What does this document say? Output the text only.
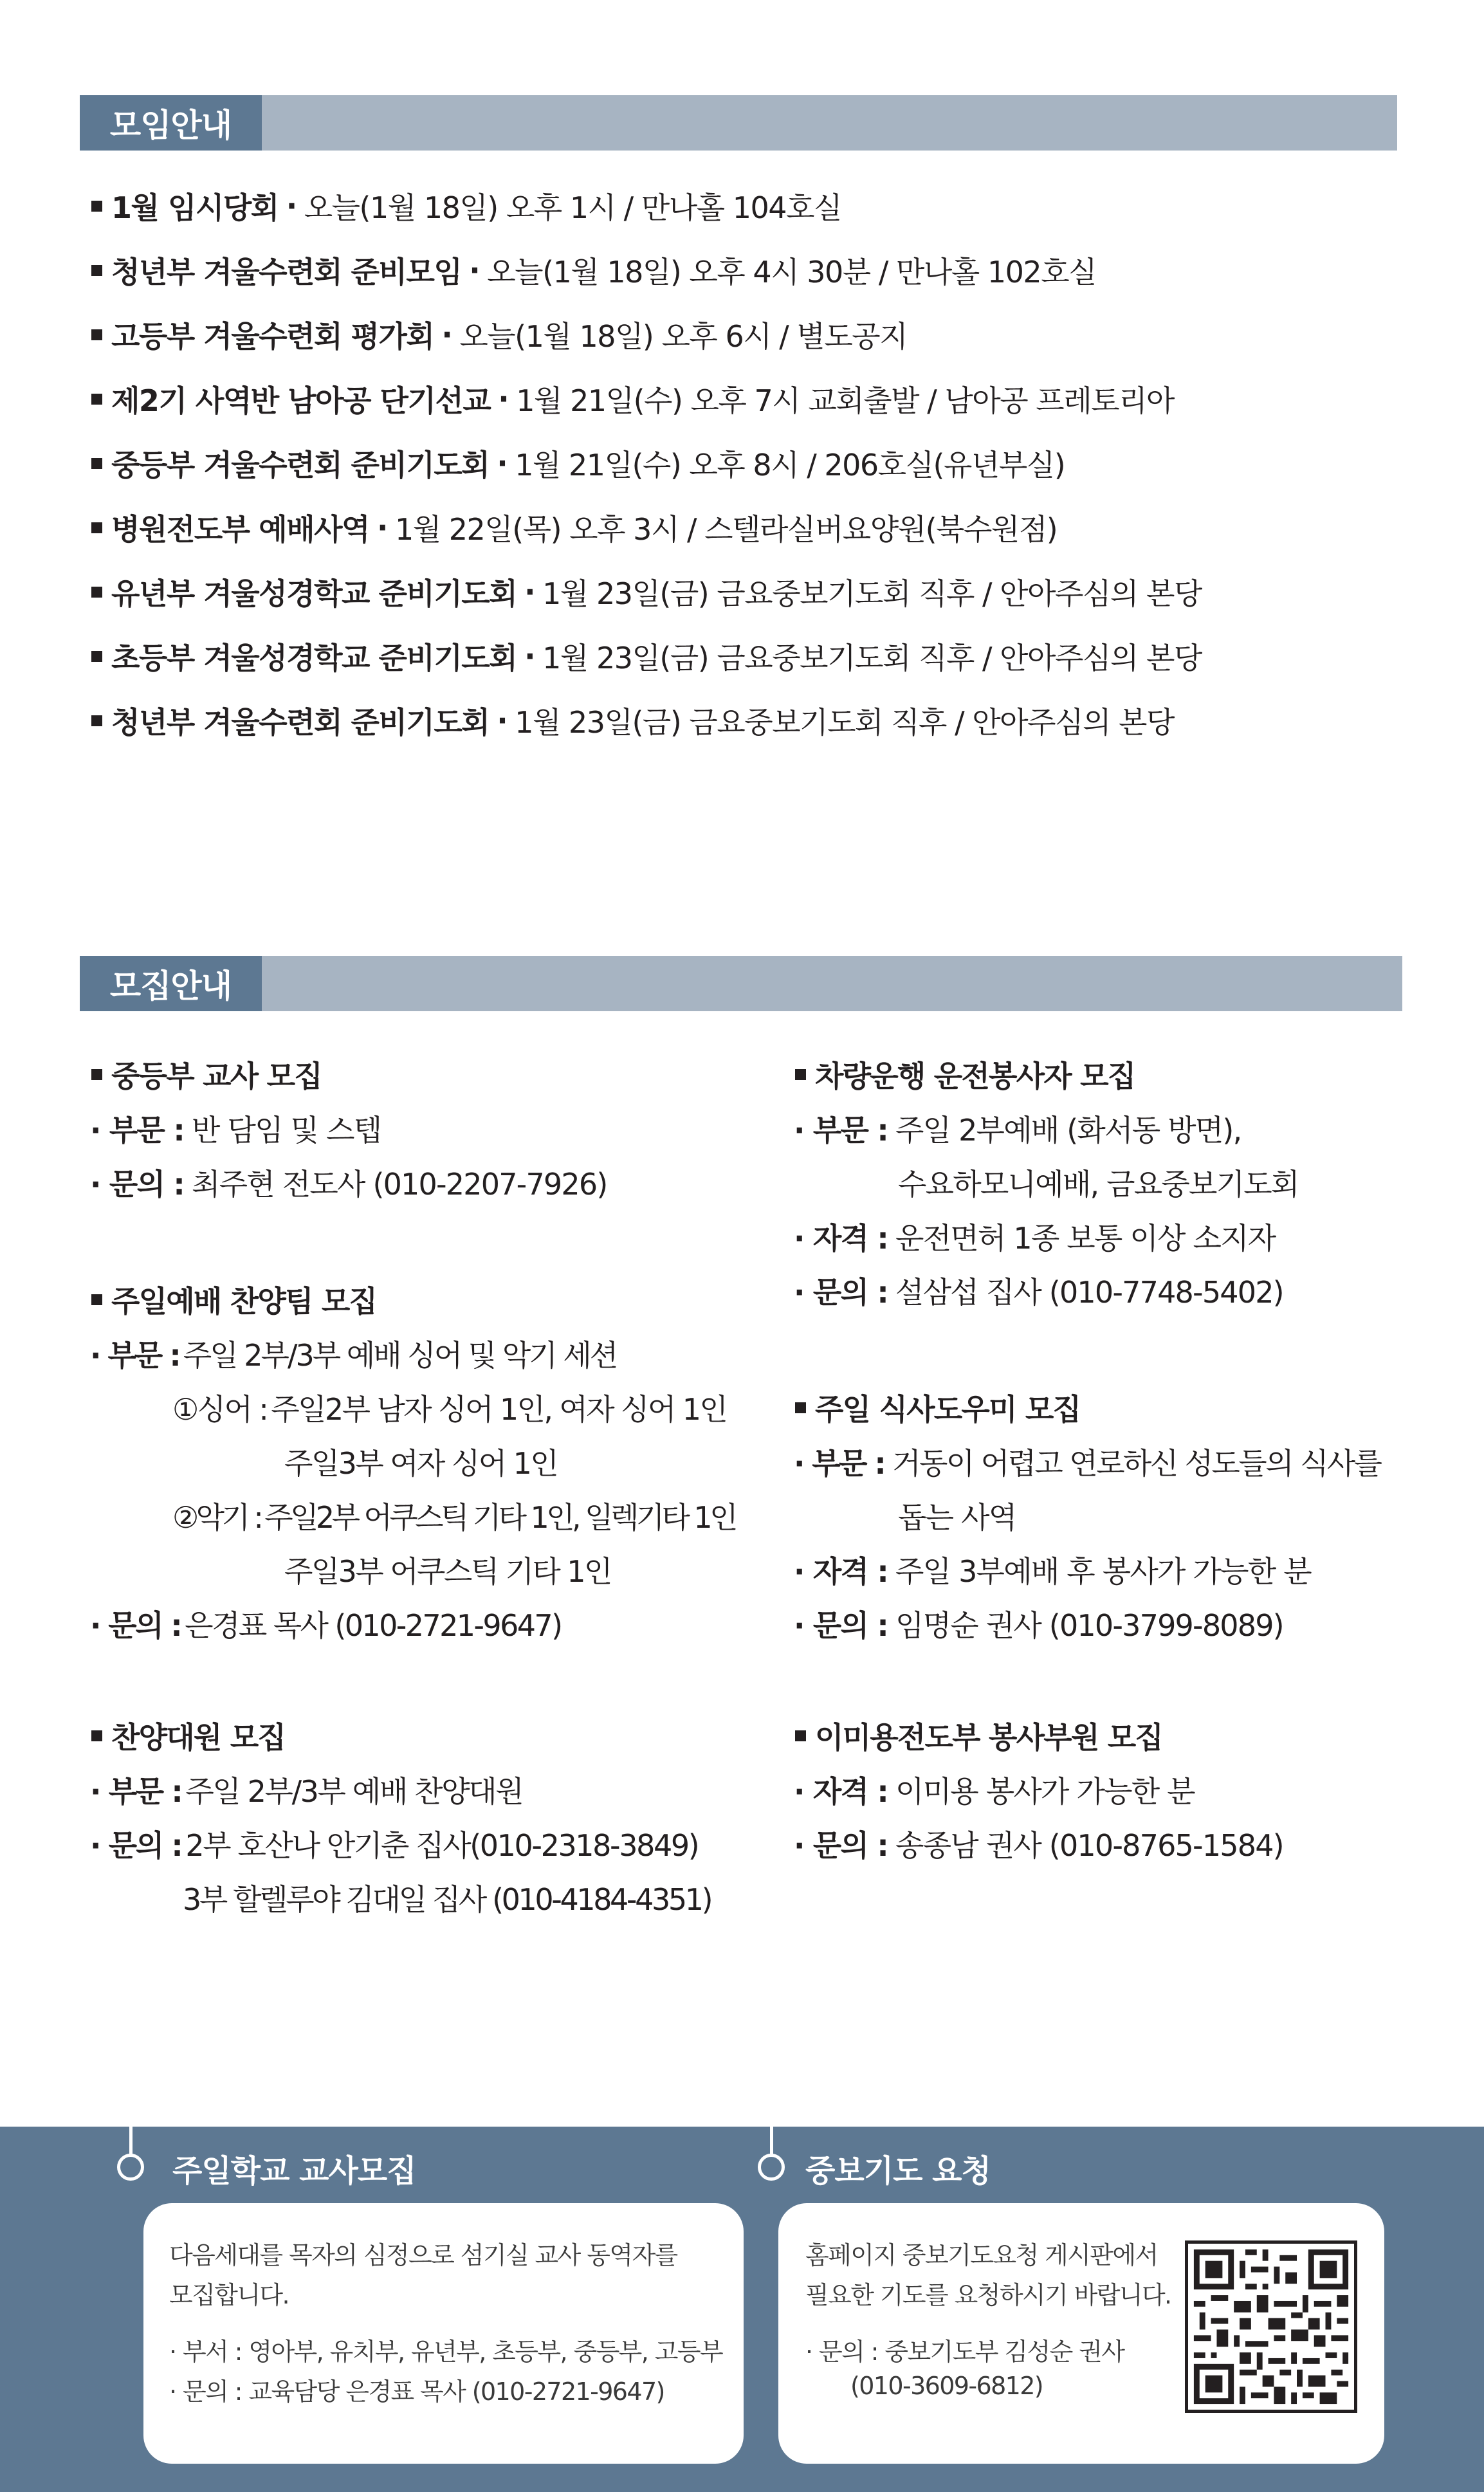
모임안내
1월 임시당회 · 오늘(1월 18일) 오후 1시 / 만나홀 104호실
청년부 겨울수련회 준비모임 · 오늘(1월 18일) 오후 4시 30분 / 만나홀 102호실
고등부 겨울수련회 평가회 · 오늘(1월 18일) 오후 6시 / 별도공지
제2기 사역반 남아공 단기선교 · 1월 21일(수) 오후 7시 교회출발 / 남아공 프레토리아
중등부 겨울수련회 준비기도회 · 1월 21일(수) 오후 8시 / 206호실(유년부실)
병원전도부 예배사역 · 1월 22일(목) 오후 3시 / 스텔라실버요양원(북수원점)
유년부 겨울성경학교 준비기도회 · 1월 23일(금) 금요중보기도회 직후 / 안아주심의 본당
초등부 겨울성경학교 준비기도회 · 1월 23일(금) 금요중보기도회 직후 / 안아주심의 본당
청년부 겨울수련회 준비기도회 · 1월 23일(금) 금요중보기도회 직후 / 안아주심의 본당
모집안내
중등부 교사 모집
· 부문 : 반 담임 및 스텝
· 문의 : 최주현 전도사 (010-2207-7926)
주일예배 찬양팀 모집
· 부문 : 주일 2부/3부 예배 싱어 및 악기 세션
①싱어 : 주일2부 남자 싱어 1인, 여자 싱어 1인
주일3부 여자 싱어 1인
②악기 : 주일2부 어쿠스틱 기타 1인, 일렉기타 1인
주일3부 어쿠스틱 기타 1인
· 문의 : 은경표 목사 (010-2721-9647)
찬양대원 모집
· 부문 : 주일 2부/3부 예배 찬양대원
· 문의 : 2부 호산나 안기춘 집사(010-2318-3849)
3부 할렐루야 김대일 집사 (010-4184-4351)
차량운행 운전봉사자 모집
· 부문 : 주일 2부예배 (화서동 방면),
수요하모니예배, 금요중보기도회
· 자격 : 운전면허 1종 보통 이상 소지자
· 문의 : 설삼섭 집사 (010-7748-5402)
주일 식사도우미 모집
· 부문 : 거동이 어렵고 연로하신 성도들의 식사를
돕는 사역
· 자격 : 주일 3부예배 후 봉사가 가능한 분
· 문의 : 임명순 권사 (010-3799-8089)
이미용전도부 봉사부원 모집
· 자격 : 이미용 봉사가 가능한 분
· 문의 : 송종남 권사 (010-8765-1584)
주일학교 교사모집
다음세대를 목자의 심정으로 섬기실 교사 동역자를
모집합니다.
· 부서 : 영아부, 유치부, 유년부, 초등부, 중등부, 고등부
· 문의 : 교육담당 은경표 목사 (010-2721-9647)
중보기도 요청
홈페이지 중보기도요청 게시판에서
필요한 기도를 요청하시기 바랍니다.
· 문의 : 중보기도부 김성순 권사
(010-3609-6812)
